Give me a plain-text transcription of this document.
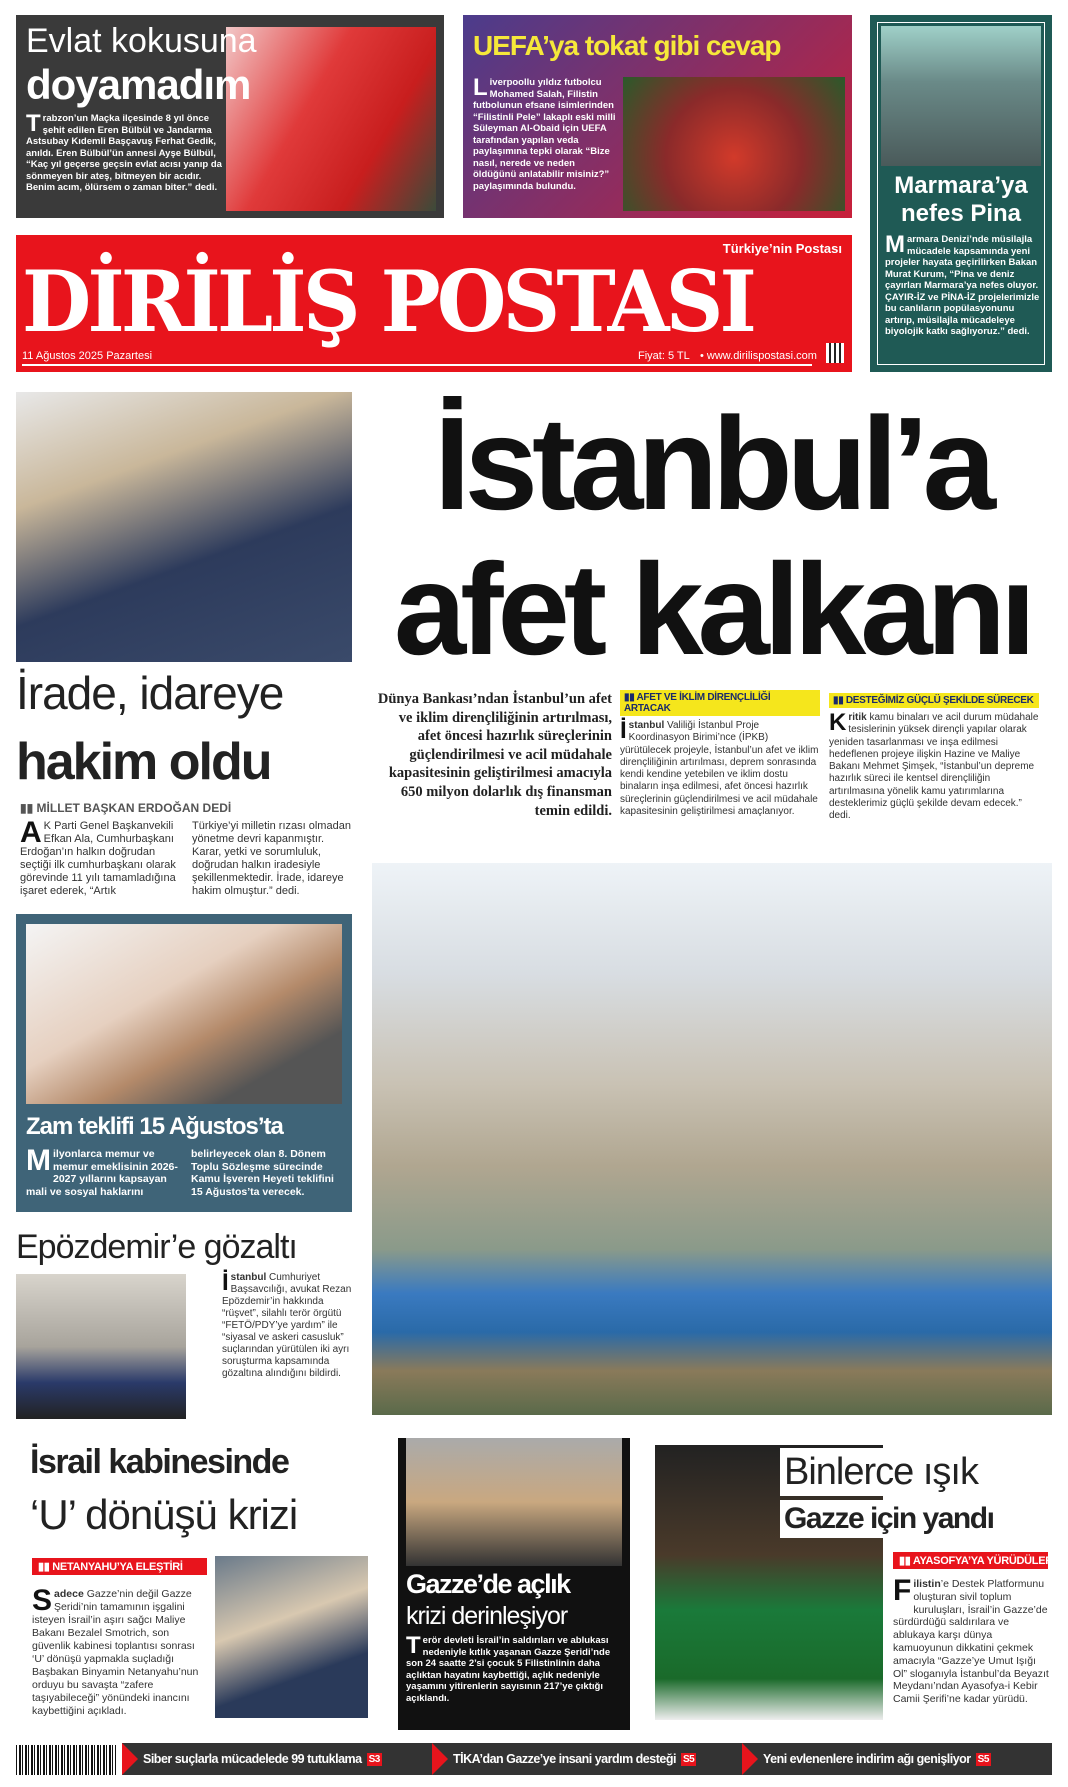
Evlat kokusuna
doyamadım
Trabzon’un Maçka ilçesinde 8 yıl önce şehit edilen Eren Bülbül ve Jandarma Astsubay Kıdemli Başçavuş Ferhat Gedik, anıldı. Eren Bülbül’ün annesi Ayşe Bülbül, “Kaç yıl geçerse geçsin evlat acısı yanıp da sönmeyen bir ateş, bitmeyen bir acıdır. Benim acım, ölürsem o zaman biter.” dedi.
UEFA’ya tokat gibi cevap
Liverpoollu yıldız futbolcu Mohamed Salah, Filistin futbolunun efsane isimlerinden “Filistinli Pele” lakaplı eski milli Süleyman Al-Obaid için UEFA tarafından yapılan veda paylaşımına tepki olarak “Bize nasıl, nerede ve neden öldüğünü anlatabilir misiniz?” paylaşımında bulundu.	Marmara’ya nefes Pina
Marmara Denizi’nde müsilajla mücadele kapsamında yeni projeler hayata geçirilirken Bakan Murat Kurum, “Pina ve deniz çayırları Marmara’ya nefes oluyor. ÇAYIR-İZ ve PİNA-İZ projelerimizle bu canlıların popülasyonunu artırıp, müsilajla mücadeleye biyolojik katkı sağlıyoruz.” dedi.
Türkiye’nin Postası
DİRİLİŞ POSTASI
11 Ağustos 2025 Pazartesi	Fiyat: 5 TL • www.dirilispostasi.com
İrade, idareye
hakim oldu
▮▮ MİLLET BAŞKAN ERDOĞAN DEDİ
A K Parti Genel Başkanvekili Efkan Ala, Cumhurbaşkanı Erdoğan’ın halkın doğrudan seçtiği ilk cumhurbaşkanı olarak görevinde 11 yılı tamamladığına işaret ederek, “Artık
Türkiye’yi milletin rızası olmadan yönetme devri kapanmıştır. Karar, yetki ve sorumluluk, doğrudan halkın iradesiyle şekillenmektedir. İrade, idareye hakim olmuştur.” dedi.
Zam teklifi 15 Ağustos’ta
Milyonlarca memur ve memur emeklisinin 2026-2027 yıllarını kapsayan mali ve sosyal haklarını
belirleyecek olan 8. Dönem Toplu Sözleşme sürecinde Kamu İşveren Heyeti teklifini 15 Ağustos’ta verecek.
Epözdemir’e gözaltı
İstanbul Cumhuriyet Başsavcılığı, avukat Rezan Epözdemir’in hakkında “rüşvet”, silahlı terör örgütü “FETÖ/PDY’ye yardım” ile “siyasal ve askeri casusluk” suçlarından yürütülen iki ayrı soruşturma kapsamında gözaltına alındığını bildirdi.
İstanbul’a
afet kalkanı
Dünya Bankası’ndan İstanbul’un afet ve iklim dirençliliğinin artırılması, afet öncesi hazırlık süreçlerinin güçlendirilmesi ve acil müdahale kapasitesinin geliştirilmesi amacıyla 650 milyon dolarlık dış finansman temin edildi.
▮▮ AFET VE İKLİM DİRENÇLİLİĞİ ARTACAK
İstanbul Valiliği İstanbul Proje Koordinasyon Birimi’nce (İPKB) yürütülecek projeyle, İstanbul’un afet ve iklim dirençliliğinin artırılması, deprem sonrasında kendi kendine yetebilen ve iklim dostu binaların inşa edilmesi, afet öncesi hazırlık süreçlerinin güçlendirilmesi ve acil müdahale kapasitesinin geliştirilmesi amaçlanıyor.
▮▮ DESTEĞİMİZ GÜÇLÜ ŞEKİLDE SÜRECEK
Kritik kamu binaları ve acil durum müdahale tesislerinin yüksek dirençli yapılar olarak yeniden tasarlanması ve inşa edilmesi hedeflenen projeye ilişkin Hazine ve Maliye Bakanı Mehmet Şimşek, “İstanbul’un depreme hazırlık süreci ile kentsel dirençliliğin artırılmasına yönelik kamu yatırımlarına desteklerimiz güçlü şekilde devam edecek.” dedi.
İsrail kabinesinde
‘U’ dönüşü krizi
▮▮ NETANYAHU’YA ELEŞTİRİ
Sadece Gazze’nin değil Gazze Şeridi’nin tamamının işgalini isteyen İsrail’in aşırı sağcı Maliye Bakanı Bezalel Smotrich, son güvenlik kabinesi toplantısı sonrası ‘U’ dönüşü yapmakla suçladığı Başbakan Binyamin Netanyahu’nun orduyu bu savaşta “zafere taşıyabileceği” yönündeki inancını kaybettiğini açıkladı.
Gazze’de açlık
krizi derinleşiyor
Terör devleti İsrail’in saldırıları ve ablukası nedeniyle kıtlık yaşanan Gazze Şeridi’nde son 24 saatte 2’si çocuk 5 Filistinlinin daha açlıktan hayatını kaybettiği, açlık nedeniyle yaşamını yitirenlerin sayısının 217’ye çıktığı açıklandı.
Binlerce ışık
Gazze için yandı
▮▮ AYASOFYA’YA YÜRÜDÜLER
Filistin’e Destek Platformunu oluşturan sivil toplum kuruluşları, İsrail’in Gazze’de sürdürdüğü saldırılara ve ablukaya karşı dünya kamuoyunun dikkatini çekmek amacıyla “Gazze’ye Umut Işığı Ol” sloganıyla İstanbul’da Beyazıt Meydanı’ndan Ayasofya-i Kebir Camii Şerifi’ne kadar yürüdü.
Siber suçlarla mücadelede 99 tutuklama S3	TİKA’dan Gazze’ye insani yardım desteği S5	Yeni evlenenlere indirim ağı genişliyor S5
